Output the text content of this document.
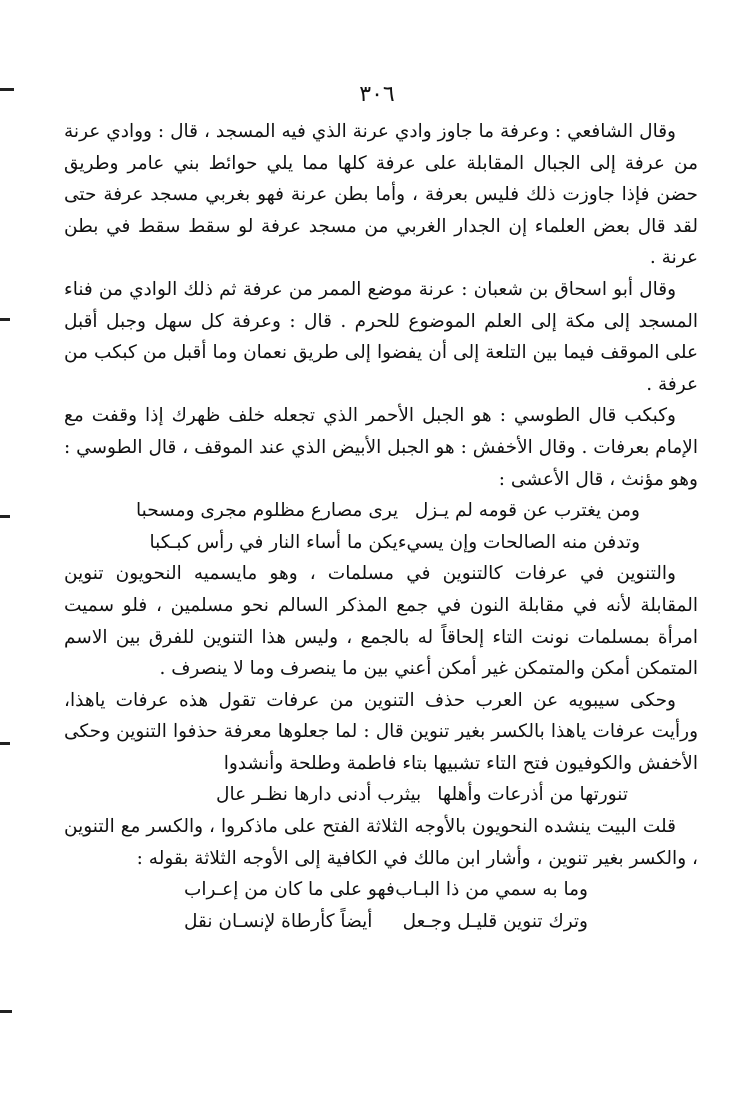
٣٠٦

وقال الشافعي : وعرفة ما جاوز وادي عرنة الذي فيه المسجد ، قال : ووادي عرنة من عرفة إلى الجبال المقابلة على عرفة كلها مما يلي حوائط بني عامر وطريق حضن فإذا جاوزت ذلك فليس بعرفة ، وأما بطن عرنة فهو بغربي مسجد عرفة حتى لقد قال بعض العلماء إن الجدار الغربي من مسجد عرفة لو سقط سقط في بطن عرنة .

وقال أبو اسحاق بن شعبان : عرنة موضع الممر من عرفة ثم ذلك الوادي من فناء المسجد إلى مكة إلى العلم الموضوع للحرم . قال : وعرفة كل سهل وجبل أقبل على الموقف فيما بين التلعة إلى أن يفضوا إلى طريق نعمان وما أقبل من كبكب من عرفة .

وكبكب قال الطوسي : هو الجبل الأحمر الذي تجعله خلف ظهرك إذا وقفت مع الإمام بعرفات . وقال الأخفش : هو الجبل الأبيض الذي عند الموقف ، قال الطوسي : وهو مؤنث ، قال الأعشى :

ومن يغترب عن قومه لم يـزل
يرى مصارع مظلوم مجرى ومسحبا
وتدفن منه الصالحات وإن يسيء
يكن ما أساء النار في رأس كبـكبا

والتنوين في عرفات كالتنوين في مسلمات ، وهو مايسميه النحويون تنوين المقابلة لأنه في مقابلة النون في جمع المذكر السالم نحو مسلمين ، فلو سميت امرأة بمسلمات نونت التاء إلحاقاً له بالجمع ، وليس هذا التنوين للفرق بين الاسم المتمكن أمكن والمتمكن غير أمكن أعني بين ما ينصرف وما لا ينصرف .

وحكى سيبويه عن العرب حذف التنوين من عرفات تقول هذه عرفات ياهذا، ورأيت عرفات ياهذا بالكسر بغير تنوين قال : لما جعلوها معرفة حذفوا التنوين وحكى الأخفش والكوفيون فتح التاء تشبيها بتاء فاطمة وطلحة وأنشدوا

تنورتها من أذرعات وأهلها
بيثرب أدنى دارها نظـر عال

قلت البيت ينشده النحويون بالأوجه الثلاثة الفتح على ماذكروا ، والكسر مع التنوين ، والكسر بغير تنوين ، وأشار ابن مالك في الكافية إلى الأوجه الثلاثة بقوله :

وما به سمي من ذا البـاب
فهو على ما كان من إعـراب
وترك تنوين قليـل وجـعل
أيضاً كأرطاة لإنسـان نقل
